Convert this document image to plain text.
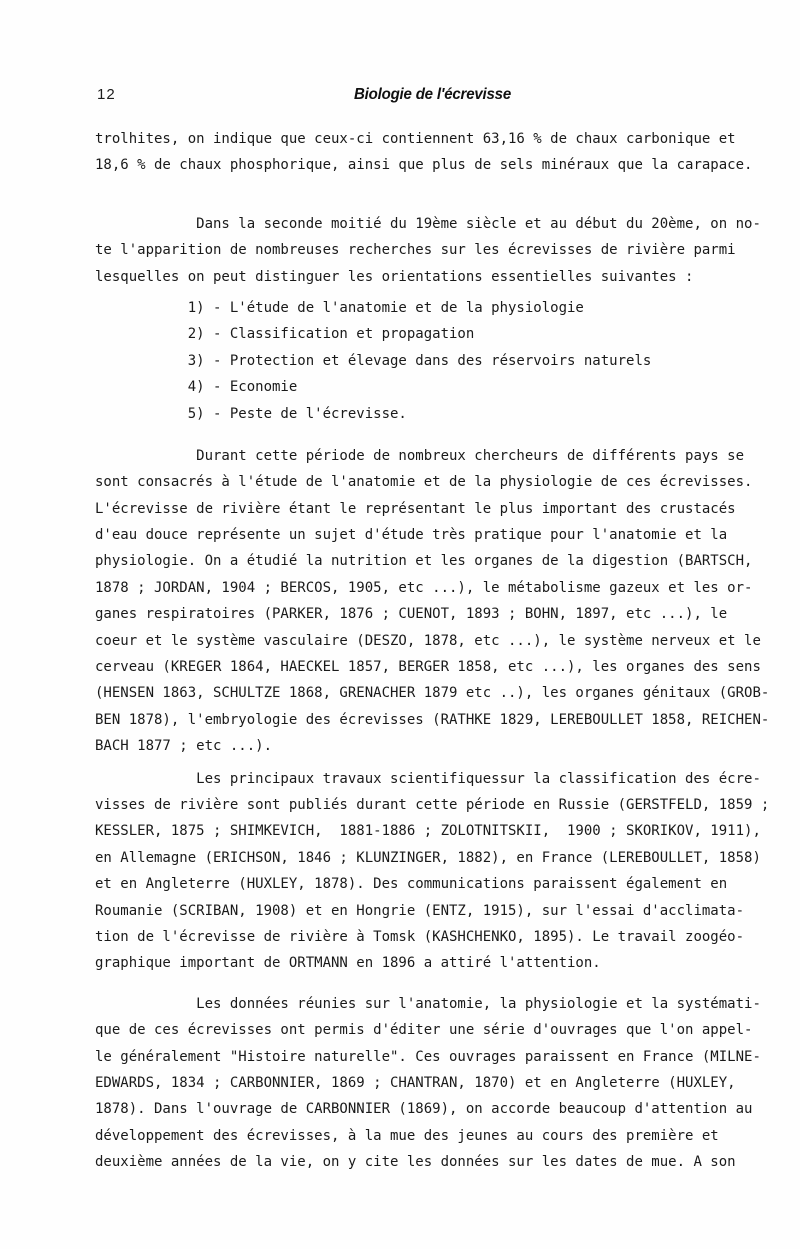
12	Biologie de l'écrevisse
trolhites, on indique que ceux-ci contiennent 63,16 % de chaux carbonique et
18,6 % de chaux phosphorique, ainsi que plus de sels minéraux que la carapace.
Dans la seconde moitié du 19ème siècle et au début du 20ème, on no-
te l'apparition de nombreuses recherches sur les écrevisses de rivière parmi
lesquelles on peut distinguer les orientations essentielles suivantes :
1) - L'étude de l'anatomie et de la physiologie
2) - Classification et propagation
3) - Protection et élevage dans des réservoirs naturels
4) - Economie
5) - Peste de l'écrevisse.
Durant cette période de nombreux chercheurs de différents pays se
sont consacrés à l'étude de l'anatomie et de la physiologie de ces écrevisses.
L'écrevisse de rivière étant le représentant le plus important des crustacés
d'eau douce représente un sujet d'étude très pratique pour l'anatomie et la
physiologie. On a étudié la nutrition et les organes de la digestion (BARTSCH,
1878 ; JORDAN, 1904 ; BERCOS, 1905, etc ...), le métabolisme gazeux et les or-
ganes respiratoires (PARKER, 1876 ; CUENOT, 1893 ; BOHN, 1897, etc ...), le
coeur et le système vasculaire (DESZO, 1878, etc ...), le système nerveux et le
cerveau (KREGER 1864, HAECKEL 1857, BERGER 1858, etc ...), les organes des sens
(HENSEN 1863, SCHULTZE 1868, GRENACHER 1879 etc ..), les organes génitaux (GROB-
BEN 1878), l'embryologie des écrevisses (RATHKE 1829, LEREBOULLET 1858, REICHEN-
BACH 1877 ; etc ...).
Les principaux travaux scientifiquessur la classification des écre-
visses de rivière sont publiés durant cette période en Russie (GERSTFELD, 1859 ;
KESSLER, 1875 ; SHIMKEVICH,  1881-1886 ; ZOLOTNITSKII,  1900 ; SKORIKOV, 1911),
en Allemagne (ERICHSON, 1846 ; KLUNZINGER, 1882), en France (LEREBOULLET, 1858)
et en Angleterre (HUXLEY, 1878). Des communications paraissent également en
Roumanie (SCRIBAN, 1908) et en Hongrie (ENTZ, 1915), sur l'essai d'acclimata-
tion de l'écrevisse de rivière à Tomsk (KASHCHENKO, 1895). Le travail zoogéo-
graphique important de ORTMANN en 1896 a attiré l'attention.
Les données réunies sur l'anatomie, la physiologie et la systémati-
que de ces écrevisses ont permis d'éditer une série d'ouvrages que l'on appel-
le généralement "Histoire naturelle". Ces ouvrages paraissent en France (MILNE-
EDWARDS, 1834 ; CARBONNIER, 1869 ; CHANTRAN, 1870) et en Angleterre (HUXLEY,
1878). Dans l'ouvrage de CARBONNIER (1869), on accorde beaucoup d'attention au
développement des écrevisses, à la mue des jeunes au cours des première et
deuxième années de la vie, on y cite les données sur les dates de mue. A son
